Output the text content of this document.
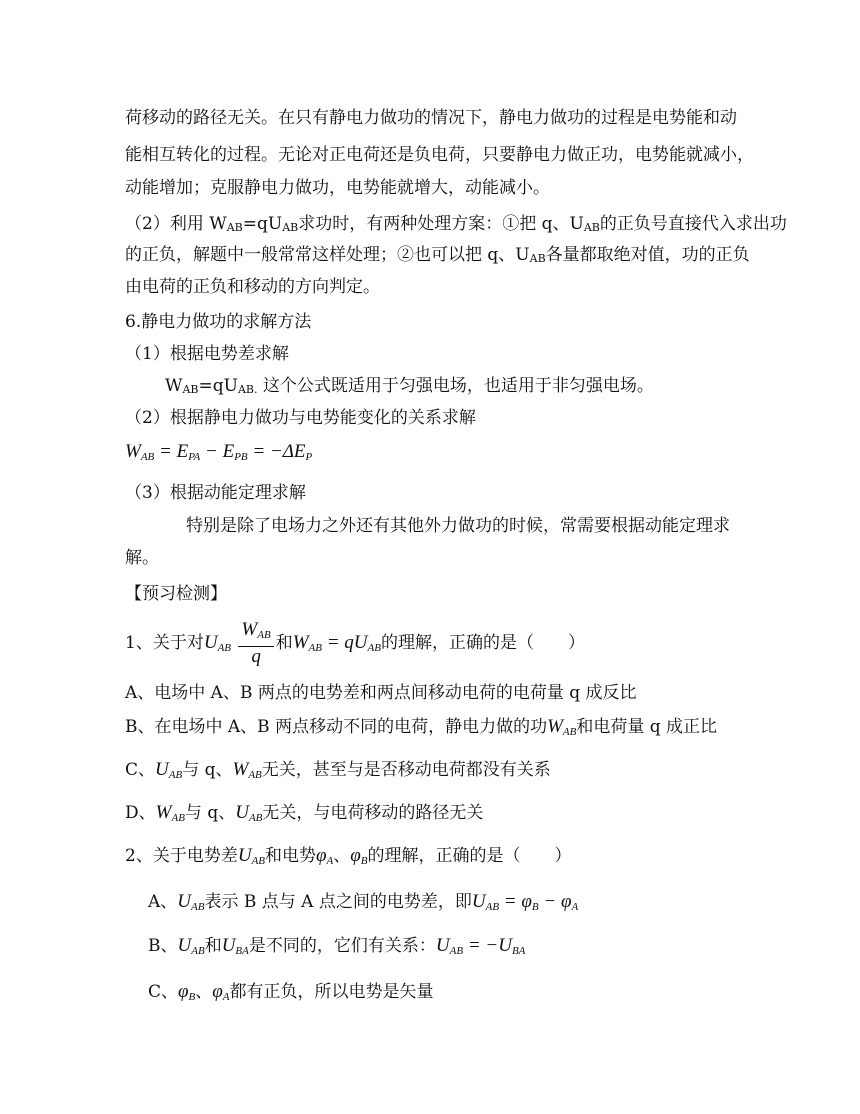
荷移动的路径无关。在只有静电力做功的情况下，静电力做功的过程是电势能和动
能相互转化的过程。无论对正电荷还是负电荷，只要静电力做正功，电势能就减小，
动能增加；克服静电力做功，电势能就增大，动能减小。
（2）利用 WAB=qUAB求功时，有两种处理方案：①把 q、UAB的正负号直接代入求出功
的正负，解题中一般常常这样处理；②也可以把 q、UAB各量都取绝对值，功的正负
由电荷的正负和移动的方向判定。
6.静电力做功的求解方法
（1）根据电势差求解
WAB=qUAB. 这个公式既适用于匀强电场，也适用于非匀强电场。
（2）根据静电力做功与电势能变化的关系求解
$W_{AB} = E_{PA} - E_{PB} = -\Delta E_P$
（3）根据动能定理求解
特别是除了电场力之外还有其他外力做功的时候，常需要根据动能定理求
解。
【预习检测】
1、关于对$U_{AB} \frac{W_{AB}}{q}$ 和$W_{AB} = qU_{AB}$的理解，正确的是（　　）
A、电场中 A、B 两点的电势差和两点间移动电荷的电荷量 q 成反比
B、在电场中 A、B 两点移动不同的电荷，静电力做的功$W_{AB}$和电荷量 q 成正比
C、$U_{AB}$与 q、$W_{AB}$无关，甚至与是否移动电荷都没有关系
D、$W_{AB}$与 q、$U_{AB}$无关，与电荷移动的路径无关
2、关于电势差$U_{AB}$和电势$\varphi_A$、$\varphi_B$的理解，正确的是（　　）
A、$U_{AB}$表示 B 点与 A 点之间的电势差，即$U_{AB} = \varphi_B - \varphi_A$
B、$U_{AB}$和$U_{BA}$是不同的，它们有关系：$U_{AB} = -U_{BA}$
C、$\varphi_B$、$\varphi_A$都有正负，所以电势是矢量
